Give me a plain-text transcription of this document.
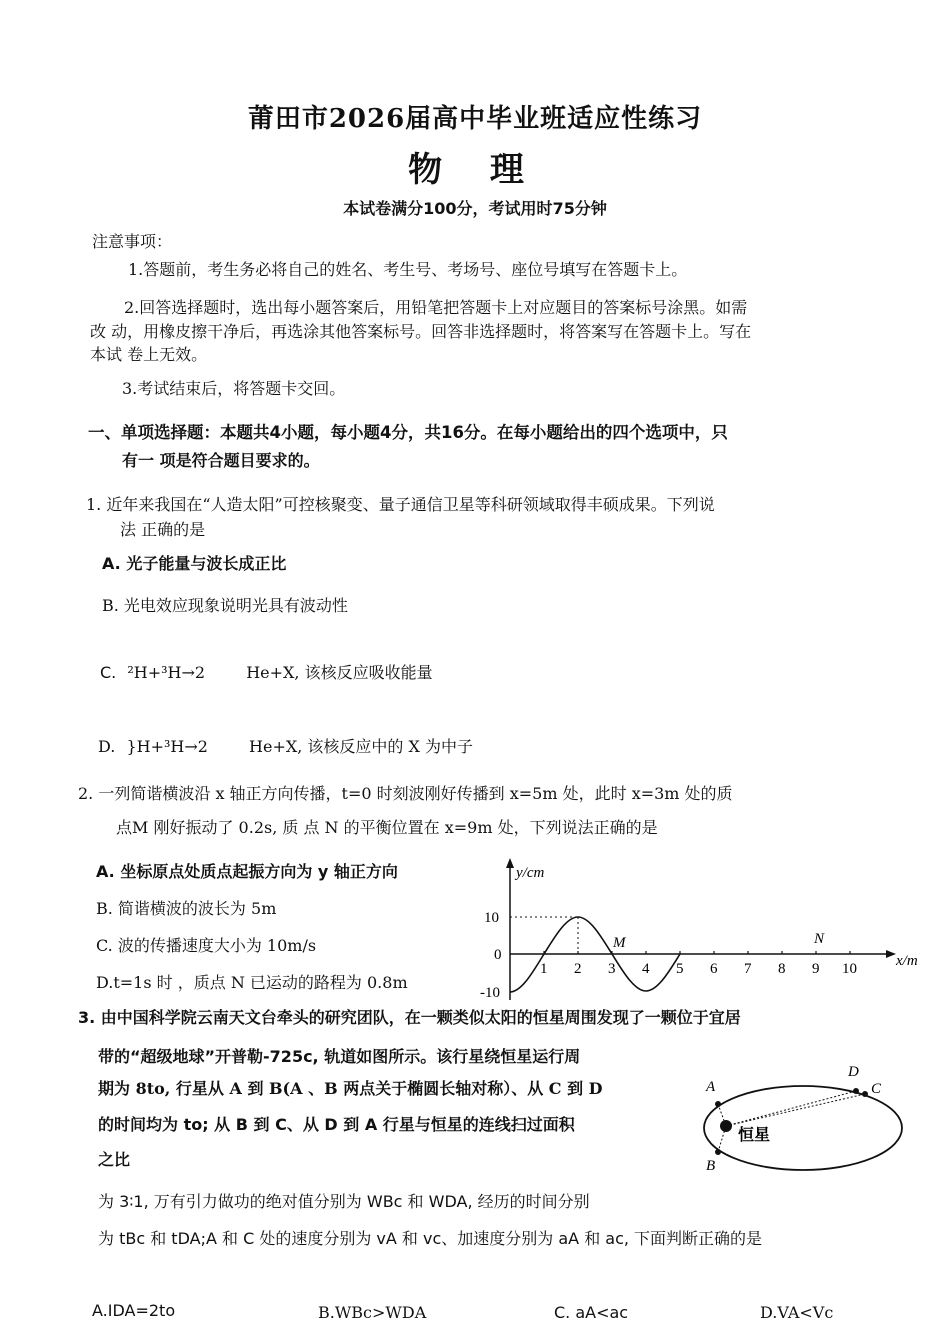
莆田市2026届高中毕业班适应性练习
物 理
本试卷满分100分，考试用时75分钟
注意事项：
1.答题前，考生务必将自己的姓名、考生号、考场号、座位号填写在答题卡上。
2.回答选择题时，选出每小题答案后，用铅笔把答题卡上对应题目的答案标号涂黑。如需
改 动，用橡皮擦干净后，再选涂其他答案标号。回答非选择题时，将答案写在答题卡上。写在
本试 卷上无效。
3.考试结束后，将答题卡交回。
一、单项选择题：本题共4小题，每小题4分，共16分。在每小题给出的四个选项中，只
有一 项是符合题目要求的。
1. 近年来我国在“人造太阳”可控核聚变、量子通信卫星等科研领域取得丰硕成果。下列说
法 正确的是
A. 光子能量与波长成正比
B. 光电效应现象说明光具有波动性
C. ²H+³H→2	He+X, 该核反应吸收能量
D. }H+³H→2	He+X, 该核反应中的 X 为中子
2. 一列简谐横波沿 x 轴正方向传播，t=0 时刻波刚好传播到 x=5m 处，此时 x=3m 处的质
点M 刚好振动了 0.2s, 质 点 N 的平衡位置在 x=9m 处，下列说法正确的是
A. 坐标原点处质点起振方向为 y 轴正方向
B. 简谐横波的波长为 5m
C. 波的传播速度大小为 10m/s
D.t=1s 时 ，质点 N 已运动的路程为 0.8m
y/cm
x/m
10
0
-10
1 2 3 4 5 6 7 8 9 10
M	N
3. 由中国科学院云南天文台牵头的研究团队，在一颗类似太阳的恒星周围发现了一颗位于宜居
带的“超级地球”开普勒-725c, 轨道如图所示。该行星绕恒星运行周
期为 8to, 行星从 A 到 B(A 、B 两点关于椭圆长轴对称）、从 C 到 D
的时间均为 to; 从 B 到 C、从 D 到 A 行星与恒星的连线扫过面积
之比
为 3∶1, 万有引力做功的绝对值分别为 WBc 和 WDA, 经历的时间分别
为 tBc 和 tDA;A 和 C 处的速度分别为 vA 和 vc、加速度分别为 aA 和 ac, 下面判断正确的是
A
B
C
D
恒星
A.IDA=2to	B.WBc>WDA	C. aA<ac	D.VA<Vc
